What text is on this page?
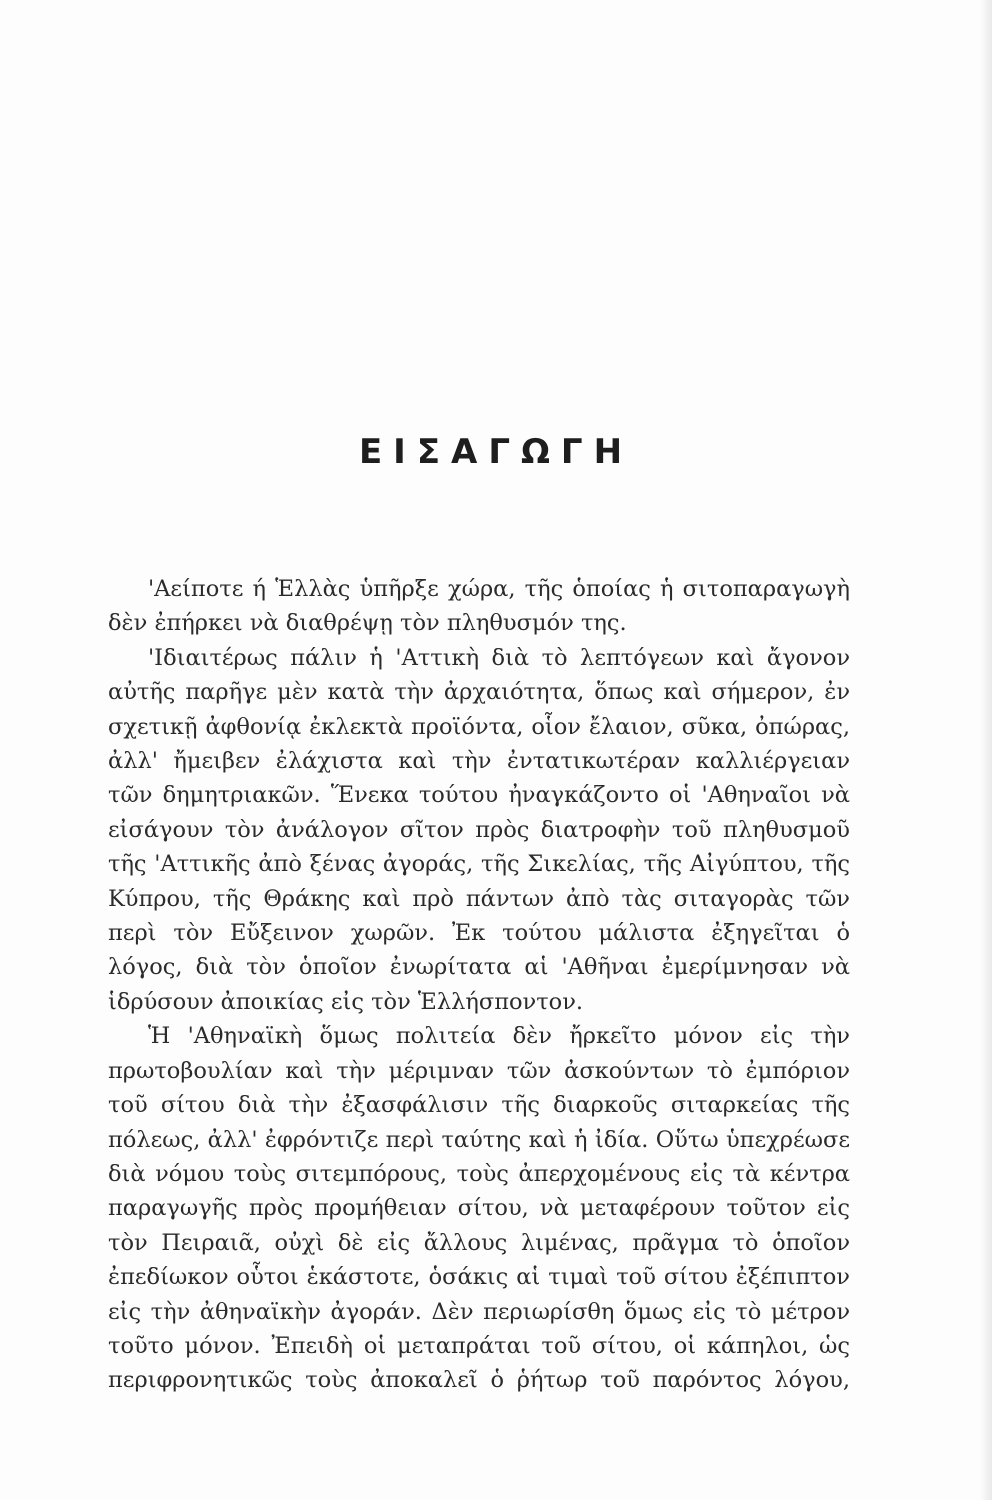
ΕΙΣΑΓΩΓΗ

'Αείποτε ή Ἑλλὰς ὑπῆρξε χώρα, τῆς ὁποίας ἡ σιτοπαραγωγὴ δὲν ἐπήρκει νὰ διαθρέψῃ τὸν πληθυσμόν της.

'Ιδιαιτέρως πάλιν ἡ 'Αττικὴ διὰ τὸ λεπτόγεων καὶ ἄγονον αὐτῆς παρῆγε μὲν κατὰ τὴν ἀρχαιότητα, ὅπως καὶ σήμερον, ἐν σχετικῇ ἀφθονίᾳ ἐκλεκτὰ προϊόντα, οἷον ἔλαιον, σῦκα, ὀπώρας, ἀλλ' ἤμειβεν ἐλάχιστα καὶ τὴν ἐντατικωτέραν καλλιέργειαν τῶν δημητριακῶν. Ἕνεκα τούτου ἠναγκάζοντο οἱ 'Αθηναῖοι νὰ εἰσάγουν τὸν ἀνάλογον σῖτον πρὸς διατροφὴν τοῦ πληθυσμοῦ τῆς 'Αττικῆς ἀπὸ ξένας ἀγοράς, τῆς Σικελίας, τῆς Αἰγύπτου, τῆς Κύπρου, τῆς Θράκης καὶ πρὸ πάντων ἀπὸ τὰς σιταγορὰς τῶν περὶ τὸν Εὔξεινον χωρῶν. Ἐκ τούτου μάλιστα ἐξηγεῖται ὁ λόγος, διὰ τὸν ὁποῖον ἐνωρίτατα αἱ 'Αθῆναι ἐμερίμνησαν νὰ ἱδρύσουν ἀποικίας εἰς τὸν Ἑλλήσποντον.

Ἡ 'Αθηναϊκὴ ὅμως πολιτεία δὲν ἤρκεῖτο μόνον εἰς τὴν πρωτοβουλίαν καὶ τὴν μέριμναν τῶν ἀσκούντων τὸ ἐμπόριον τοῦ σίτου διὰ τὴν ἐξασφάλισιν τῆς διαρκοῦς σιταρκείας τῆς πόλεως, ἀλλ' ἐφρόντιζε περὶ ταύτης καὶ ἡ ἰδία. Οὕτω ὑπεχρέωσε διὰ νόμου τοὺς σιτεμπόρους, τοὺς ἀπερχομένους εἰς τὰ κέντρα παραγωγῆς πρὸς προμήθειαν σίτου, νὰ μεταφέρουν τοῦτον εἰς τὸν Πειραιᾶ, οὐχὶ δὲ εἰς ἄλλους λιμένας, πρᾶγμα τὸ ὁποῖον ἐπεδίωκον οὗτοι ἑκάστοτε, ὁσάκις αἱ τιμαὶ τοῦ σίτου ἐξέπιπτον εἰς τὴν ἀθηναϊκὴν ἀγοράν. Δὲν περιωρίσθη ὅμως εἰς τὸ μέτρον τοῦτο μόνον. Ἐπειδὴ οἱ μεταπράται τοῦ σίτου, οἱ κάπηλοι, ὡς περιφρονητικῶς τοὺς ἀποκαλεῖ ὁ ῥήτωρ τοῦ παρόντος λόγου,
